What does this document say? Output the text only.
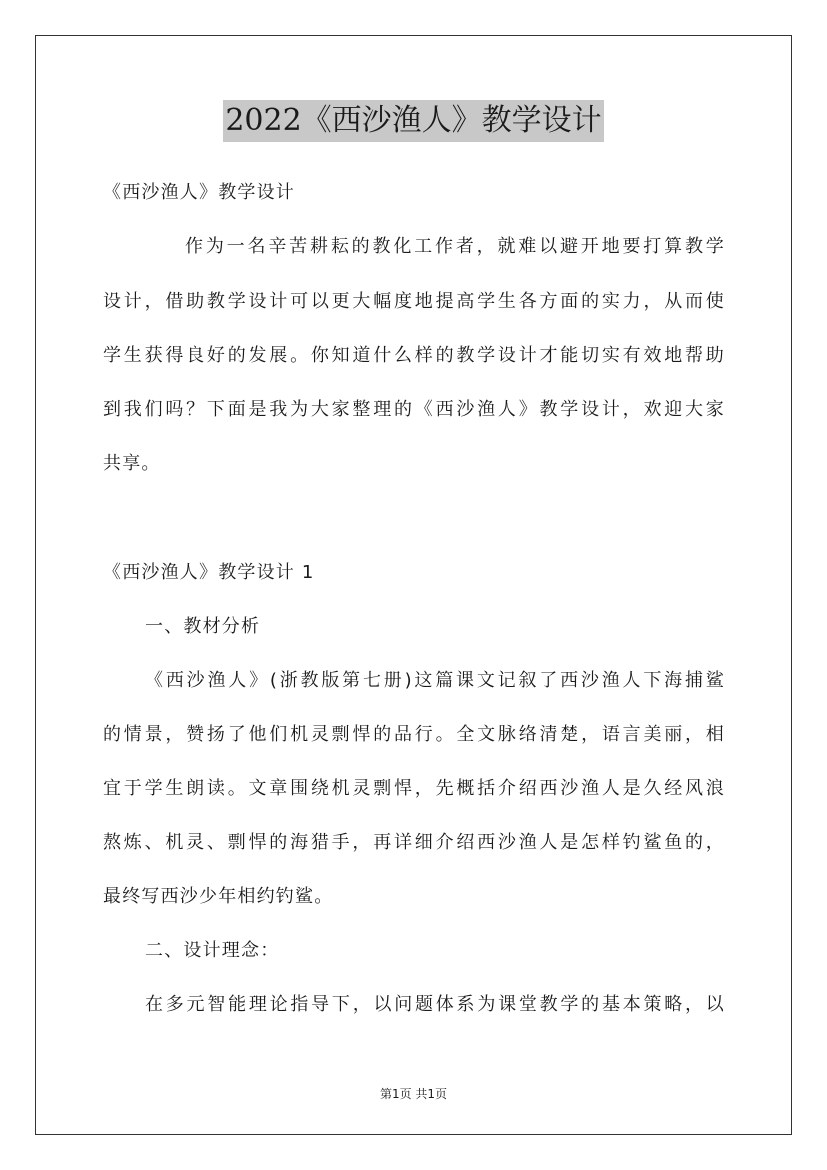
2022《西沙渔人》教学设计
《西沙渔人》教学设计
作为一名辛苦耕耘的教化工作者，就难以避开地要打算教学
设计，借助教学设计可以更大幅度地提高学生各方面的实力，从而使
学生获得良好的发展。你知道什么样的教学设计才能切实有效地帮助
到我们吗？下面是我为大家整理的《西沙渔人》教学设计，欢迎大家
共享。
《西沙渔人》教学设计 1
一、教材分析
《西沙渔人》(浙教版第七册)这篇课文记叙了西沙渔人下海捕鲨
的情景，赞扬了他们机灵剽悍的品行。全文脉络清楚，语言美丽，相
宜于学生朗读。文章围绕机灵剽悍，先概括介绍西沙渔人是久经风浪
熬炼、机灵、剽悍的海猎手，再详细介绍西沙渔人是怎样钓鲨鱼的，
最终写西沙少年相约钓鲨。
二、设计理念：
在多元智能理论指导下，以问题体系为课堂教学的基本策略，以
第1页 共1页
